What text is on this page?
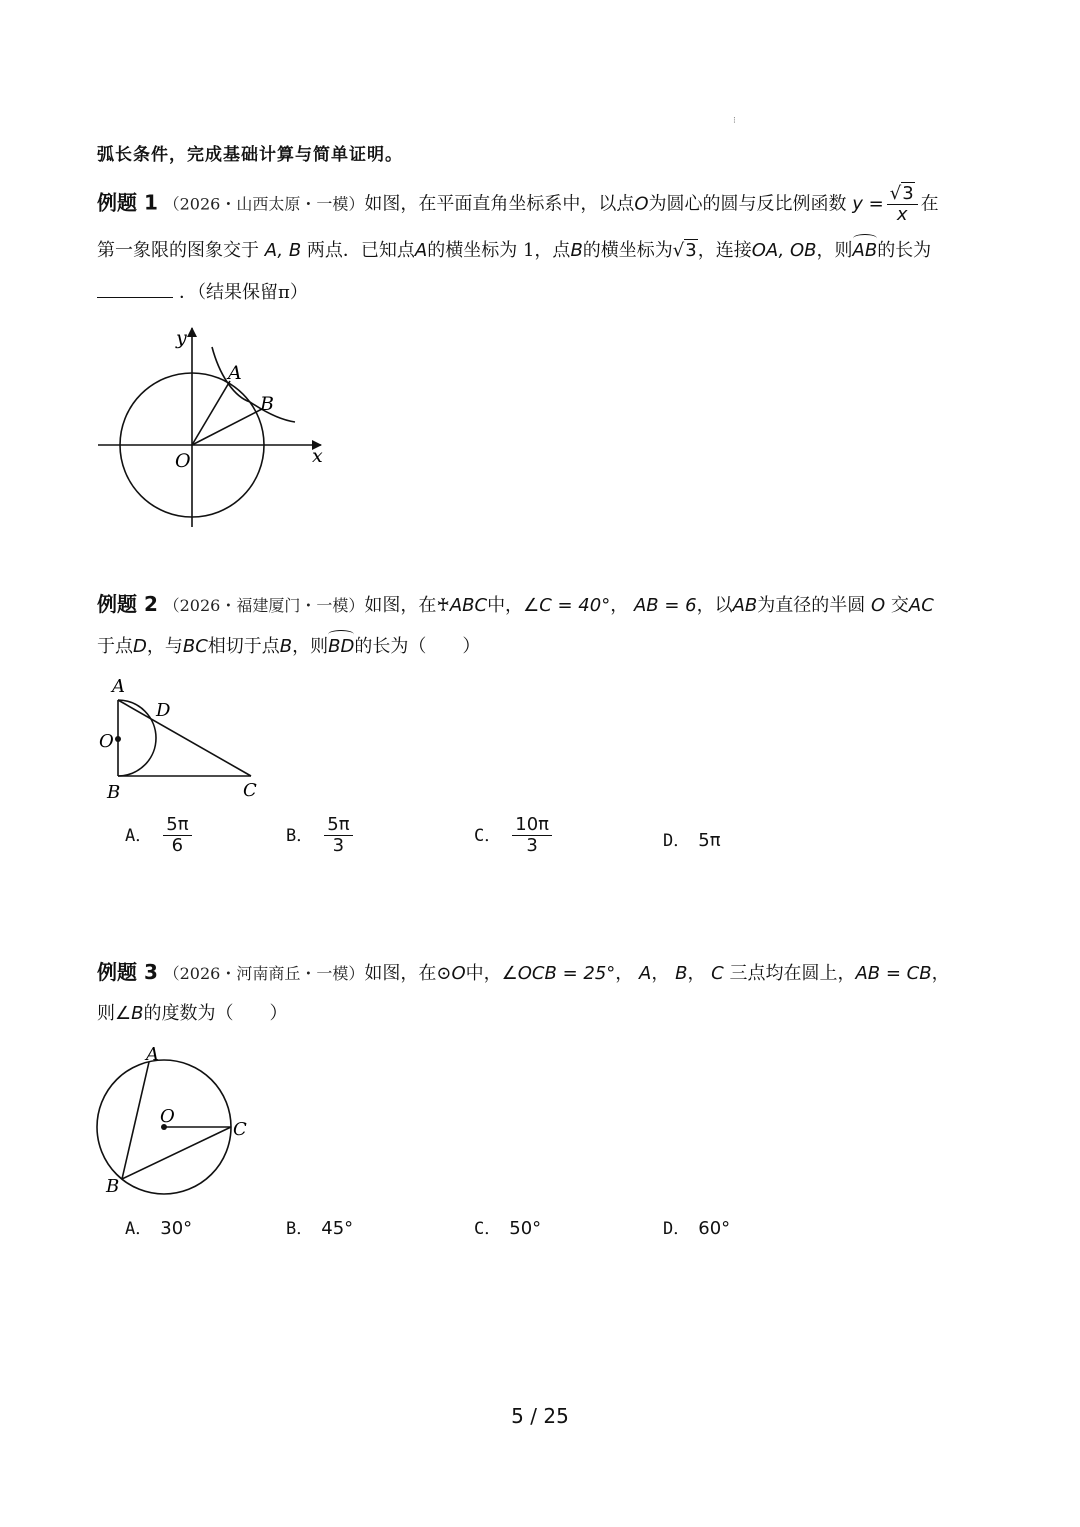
⁝
弧长条件，完成基础计算与简单证明。
例题 1 （2026・山西太原・一模）如图，在平面直角坐标系中，以点O为圆心的圆与反比例函数 $y = \frac{√3}{x}$ 在
第一象限的图象交于 A, B 两点．已知点A的横坐标为 1，点B的横坐标为√3，连接OA, OB，则AB的长为
．（结果保留π）
y
x
O
A
B
例题 2 （2026・福建厦门・一模）如图，在♰ABC中，∠C = 40°， AB = 6，以AB为直径的半圆 O 交AC
于点D，与BC相切于点B，则BD的长为（　　）
A
D
O
B	C
A． $\frac{5\pi}{6}$	B． $\frac{5\pi}{3}$	C． $\frac{10\pi}{3}$	D． 5π
例题 3 （2026・河南商丘・一模）如图，在⊙O中，∠OCB = 25°， A， B， C 三点均在圆上，AB = CB，
则∠B的度数为（　　）
A
O
C
B
A． 30°	B． 45°	C． 50°	D． 60°
5 / 25
